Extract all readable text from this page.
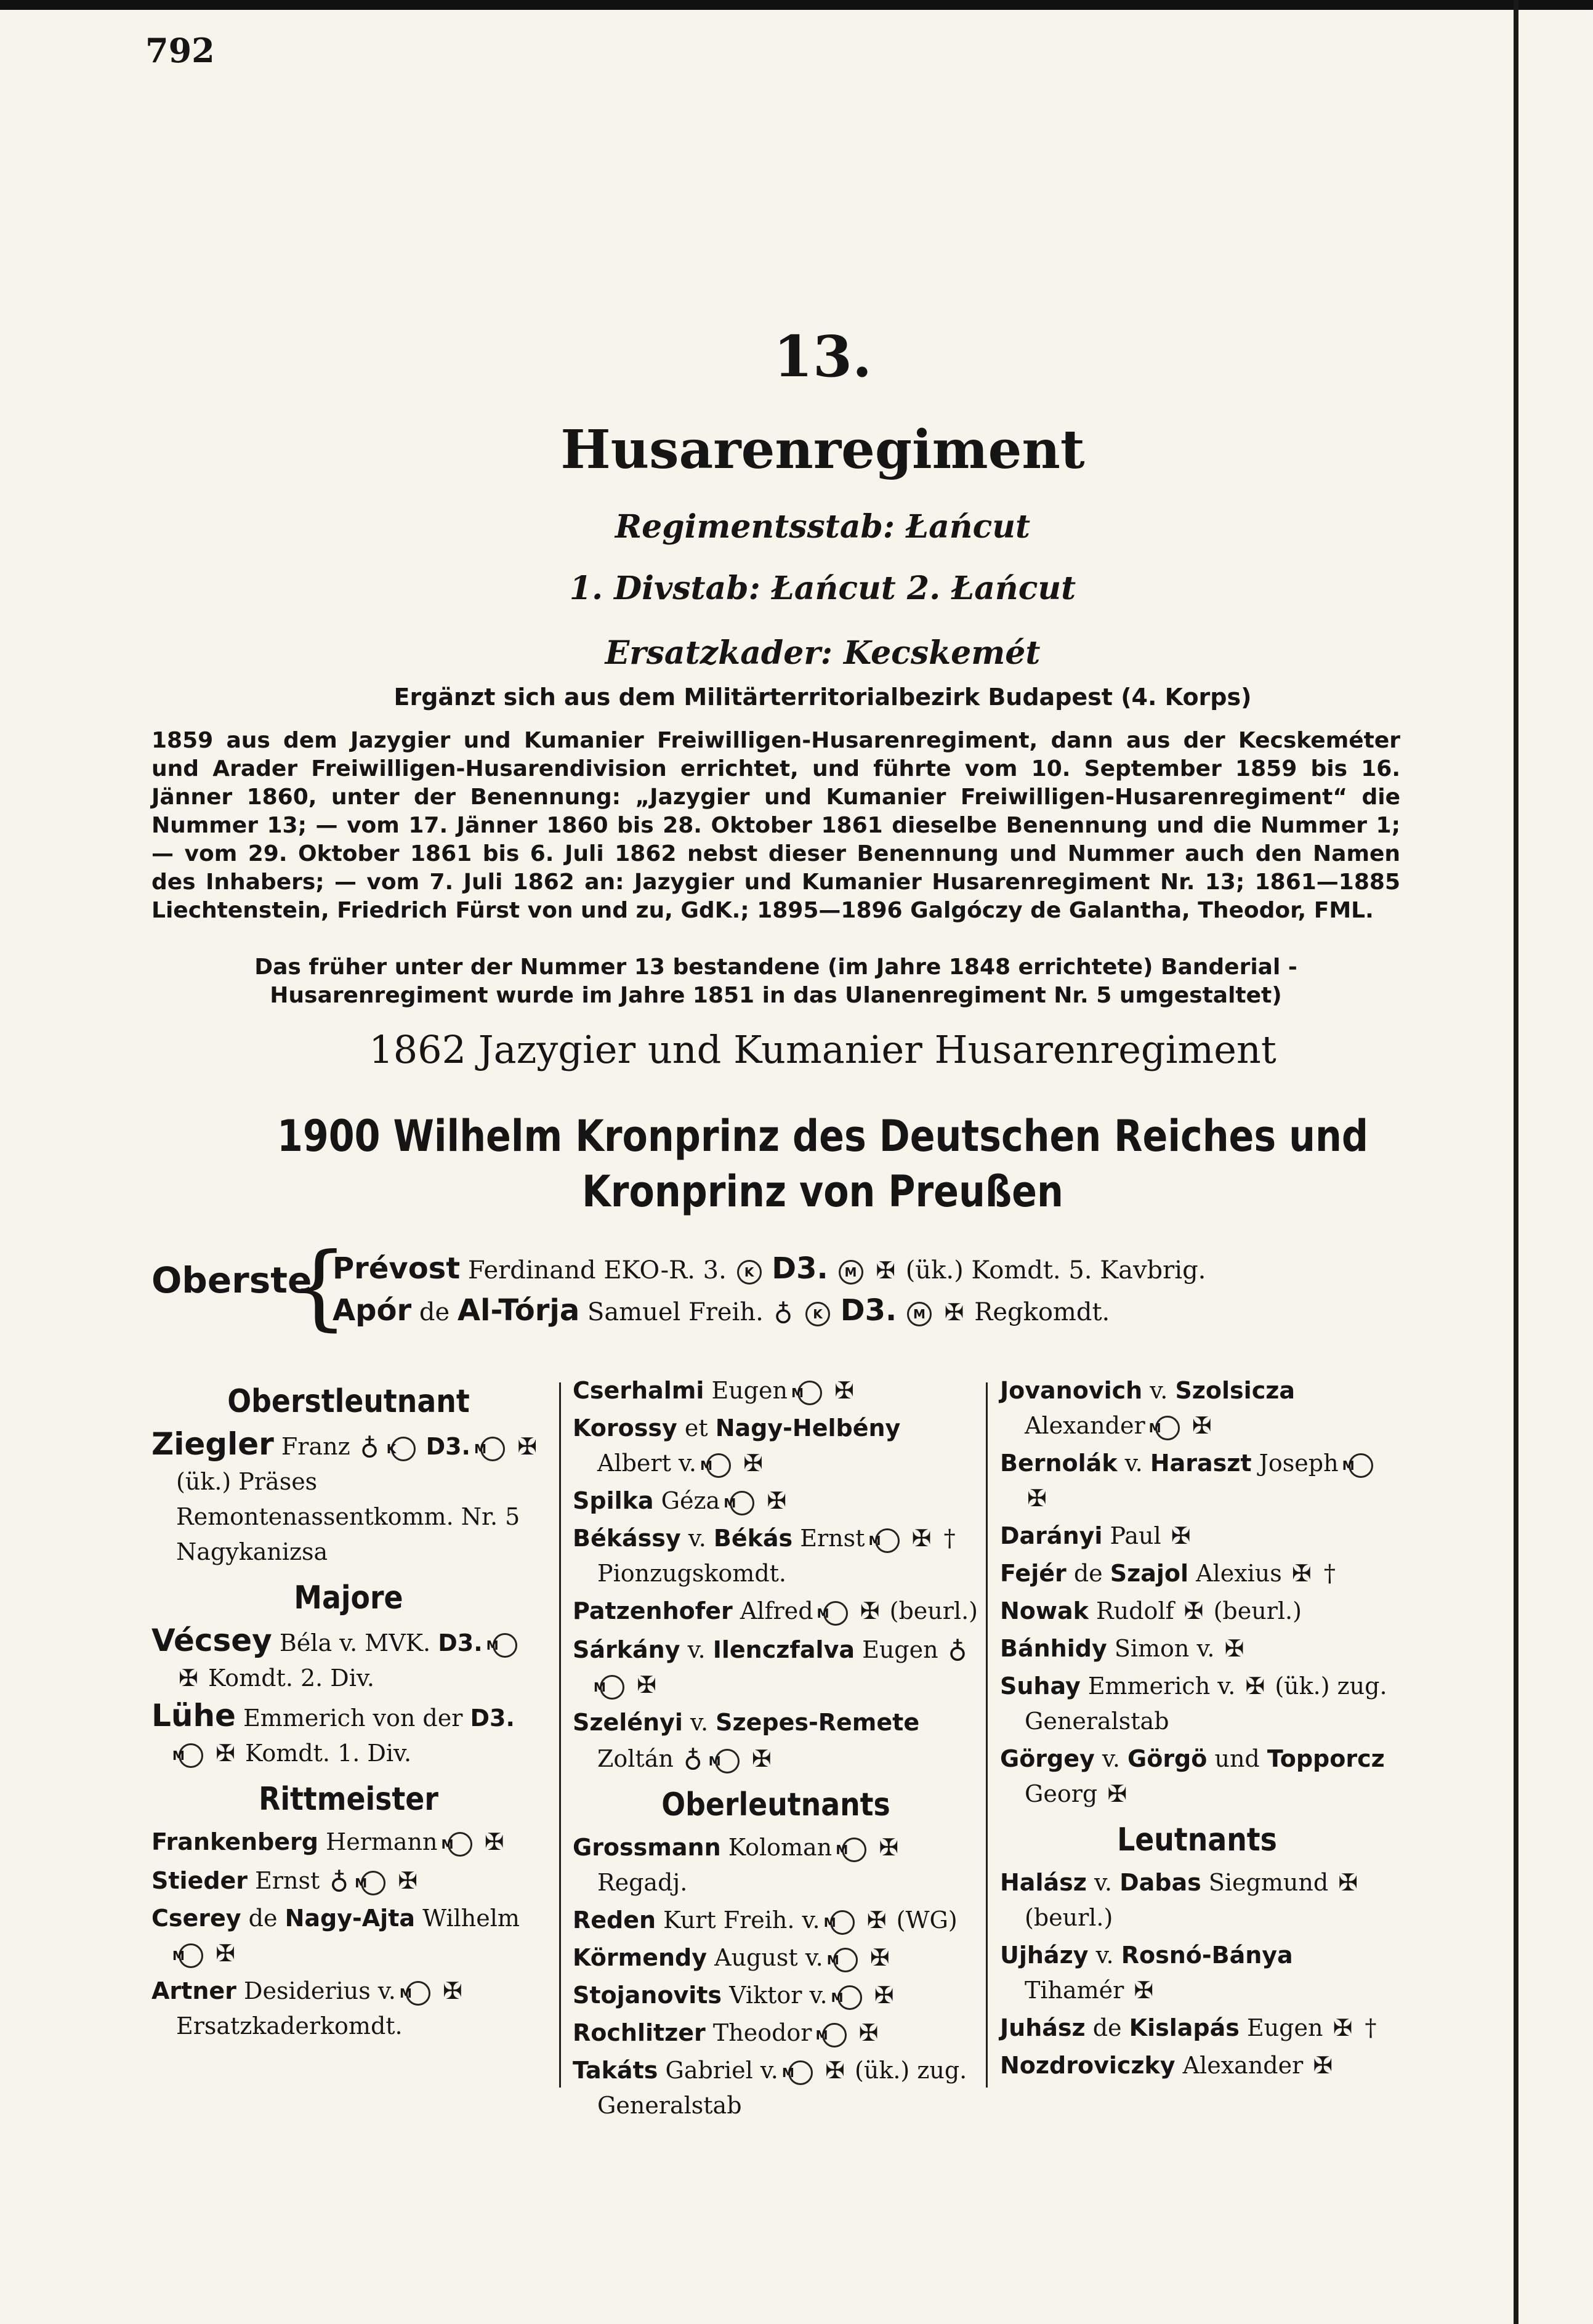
792
13.
Husarenregiment
Regimentsstab: Łańcut
1. Divstab: Łańcut 2. Łańcut
Ersatzkader: Kecskemét
Ergänzt sich aus dem Militärterritorialbezirk Budapest (4. Korps)
1859 aus dem Jazygier und Kumanier Freiwilligen-Husarenregiment, dann aus der Kecskeméter und Arader Freiwilligen-Husarendivision errichtet, und führte vom 10. September 1859 bis 16. Jänner 1860, unter der Benennung: „Jazygier und Kumanier Freiwilligen-Husarenregiment“ die Nummer 13; — vom 17. Jänner 1860 bis 28. Oktober 1861 dieselbe Benennung und die Nummer 1; — vom 29. Oktober 1861 bis 6. Juli 1862 nebst dieser Benennung und Nummer auch den Namen des Inhabers; — vom 7. Juli 1862 an: Jazygier und Kumanier Husarenregiment Nr. 13; 1861—1885 Liechtenstein, Friedrich Fürst von und zu, GdK.; 1895—1896 Galgóczy de Galantha, Theodor, FML.
Das früher unter der Nummer 13 bestandene (im Jahre 1848 errichtete) Banderial - Husarenregiment wurde im Jahre 1851 in das Ulanenregiment Nr. 5 umgestaltet)
1862 Jazygier und Kumanier Husarenregiment
1900 Wilhelm Kronprinz des Deutschen Reiches und Kronprinz von Preußen
Oberste
{
Prévost Ferdinand EKO-R. 3. K D3. M ✠ (ük.) Komdt. 5. Kavbrig.
Apór de Al-Tórja Samuel Freih. ♁ K D3. M ✠ Regkomdt.
Oberstleutnant
Ziegler Franz ♁ K D3. M ✠ (ük.) Präses Remontenassentkomm. Nr. 5 Nagykanizsa
Majore
Vécsey Béla v. MVK. D3. M ✠ Komdt. 2. Div.
Lühe Emmerich von der D3. M ✠ Komdt. 1. Div.
Rittmeister
Frankenberg Hermann M ✠
Stieder Ernst ♁ M ✠
Cserey de Nagy-Ajta Wilhelm M ✠
Artner Desiderius v. M ✠ Ersatzkaderkomdt.
Cserhalmi Eugen M ✠
Korossy et Nagy-Helbény Albert v. M ✠
Spilka Géza M ✠
Békássy v. Békás Ernst M ✠ † Pionzugskomdt.
Patzenhofer Alfred M ✠ (beurl.)
Sárkány v. Ilenczfalva Eugen ♁ M ✠
Szelényi v. Szepes-Remete Zoltán ♁ M ✠
Oberleutnants
Grossmann Koloman M ✠ Regadj.
Reden Kurt Freih. v. M ✠ (WG)
Körmendy August v. M ✠
Stojanovits Viktor v. M ✠
Rochlitzer Theodor M ✠
Takáts Gabriel v. M ✠ (ük.) zug. Generalstab
Jovanovich v. Szolsicza Alexander M ✠
Bernolák v. Haraszt Joseph M ✠
Darányi Paul ✠
Fejér de Szajol Alexius ✠ †
Nowak Rudolf ✠ (beurl.)
Bánhidy Simon v. ✠
Suhay Emmerich v. ✠ (ük.) zug. Generalstab
Görgey v. Görgö und Topporcz Georg ✠
Leutnants
Halász v. Dabas Siegmund ✠ (beurl.)
Ujházy v. Rosnó-Bánya Tihamér ✠
Juhász de Kislapás Eugen ✠ †
Nozdroviczky Alexander ✠
